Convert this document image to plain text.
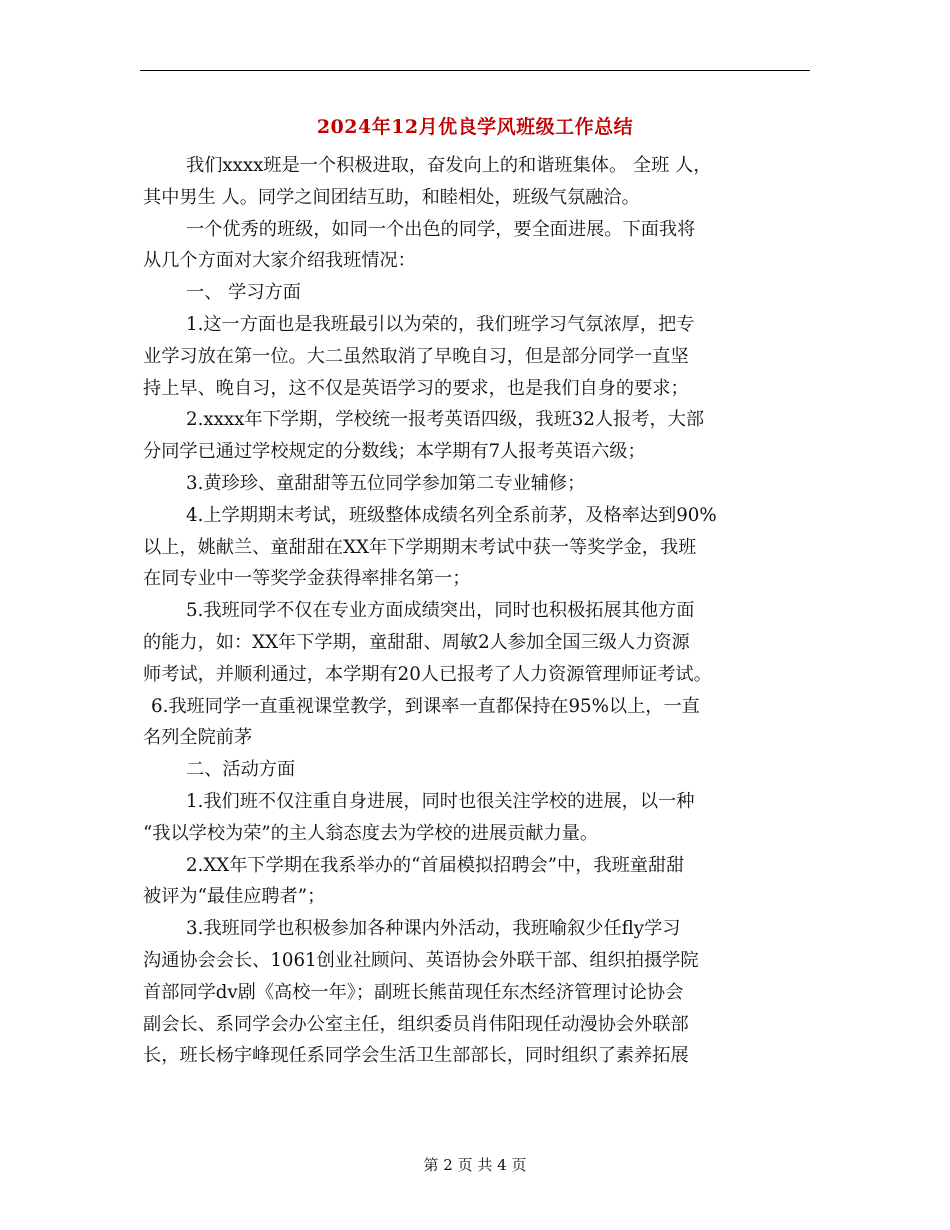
2024年12月优良学风班级工作总结
我们xxxx班是一个积极进取，奋发向上的和谐班集体。 全班 人，
其中男生 人。同学之间团结互助，和睦相处，班级气氛融洽。
一个优秀的班级，如同一个出色的同学，要全面进展。下面我将
从几个方面对大家介绍我班情况：
一、 学习方面
1.这一方面也是我班最引以为荣的，我们班学习气氛浓厚，把专
业学习放在第一位。大二虽然取消了早晚自习，但是部分同学一直坚
持上早、晚自习，这不仅是英语学习的要求，也是我们自身的要求；
2.xxxx年下学期，学校统一报考英语四级，我班32人报考，大部
分同学已通过学校规定的分数线；本学期有7人报考英语六级；
3.黄珍珍、童甜甜等五位同学参加第二专业辅修；
4.上学期期末考试，班级整体成绩名列全系前茅，及格率达到90%
以上，姚献兰、童甜甜在XX年下学期期末考试中获一等奖学金，我班
在同专业中一等奖学金获得率排名第一；
5.我班同学不仅在专业方面成绩突出，同时也积极拓展其他方面
的能力，如：XX年下学期，童甜甜、周敏2人参加全国三级人力资源
师考试，并顺利通过，本学期有20人已报考了人力资源管理师证考试。
6.我班同学一直重视课堂教学，到课率一直都保持在95%以上，一直
名列全院前茅
二、活动方面
1.我们班不仅注重自身进展，同时也很关注学校的进展，以一种
“我以学校为荣”的主人翁态度去为学校的进展贡献力量。
2.XX年下学期在我系举办的“首届模拟招聘会”中，我班童甜甜
被评为“最佳应聘者”；
3.我班同学也积极参加各种课内外活动，我班喻叙少任fly学习
沟通协会会长、1061创业社顾问、英语协会外联干部、组织拍摄学院
首部同学dv剧《高校一年》；副班长熊苗现任东杰经济管理讨论协会
副会长、系同学会办公室主任，组织委员肖伟阳现任动漫协会外联部
长，班长杨宇峰现任系同学会生活卫生部部长，同时组织了素养拓展
第 2 页 共 4 页
